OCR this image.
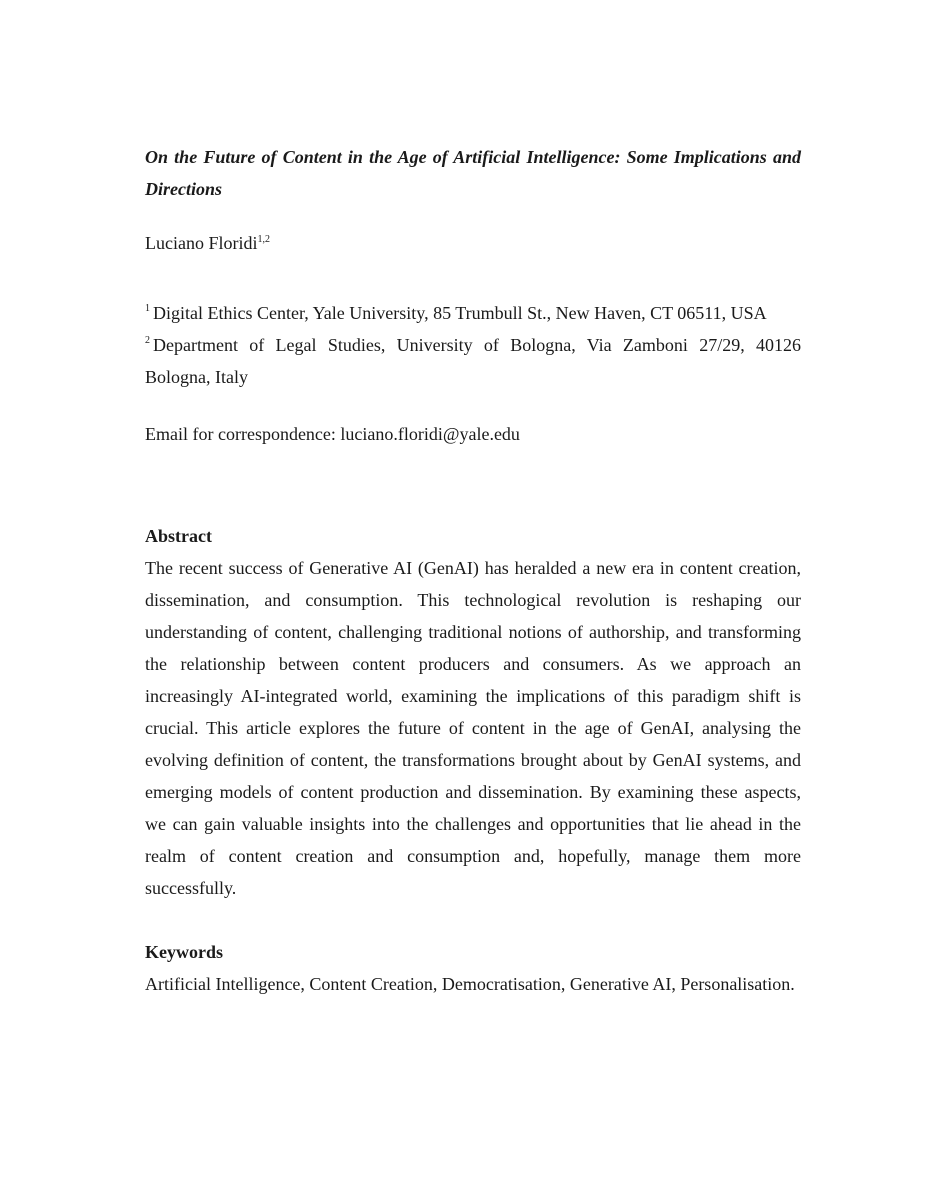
On the Future of Content in the Age of Artificial Intelligence: Some Implications and Directions

Luciano Floridi$^{1,2}$

$^1$ Digital Ethics Center, Yale University, 85 Trumbull St., New Haven, CT 06511, USA

$^2$ Department of Legal Studies, University of Bologna, Via Zamboni 27/29, 40126 Bologna, Italy

Email for correspondence: luciano.floridi@yale.edu

Abstract

The recent success of Generative AI (GenAI) has heralded a new era in content creation, dissemination, and consumption. This technological revolution is reshaping our understanding of content, challenging traditional notions of authorship, and transforming the relationship between content producers and consumers. As we approach an increasingly AI-integrated world, examining the implications of this paradigm shift is crucial. This article explores the future of content in the age of GenAI, analysing the evolving definition of content, the transformations brought about by GenAI systems, and emerging models of content production and dissemination. By examining these aspects, we can gain valuable insights into the challenges and opportunities that lie ahead in the realm of content creation and consumption and, hopefully, manage them more successfully.

Keywords

Artificial Intelligence, Content Creation, Democratisation, Generative AI, Personalisation.
